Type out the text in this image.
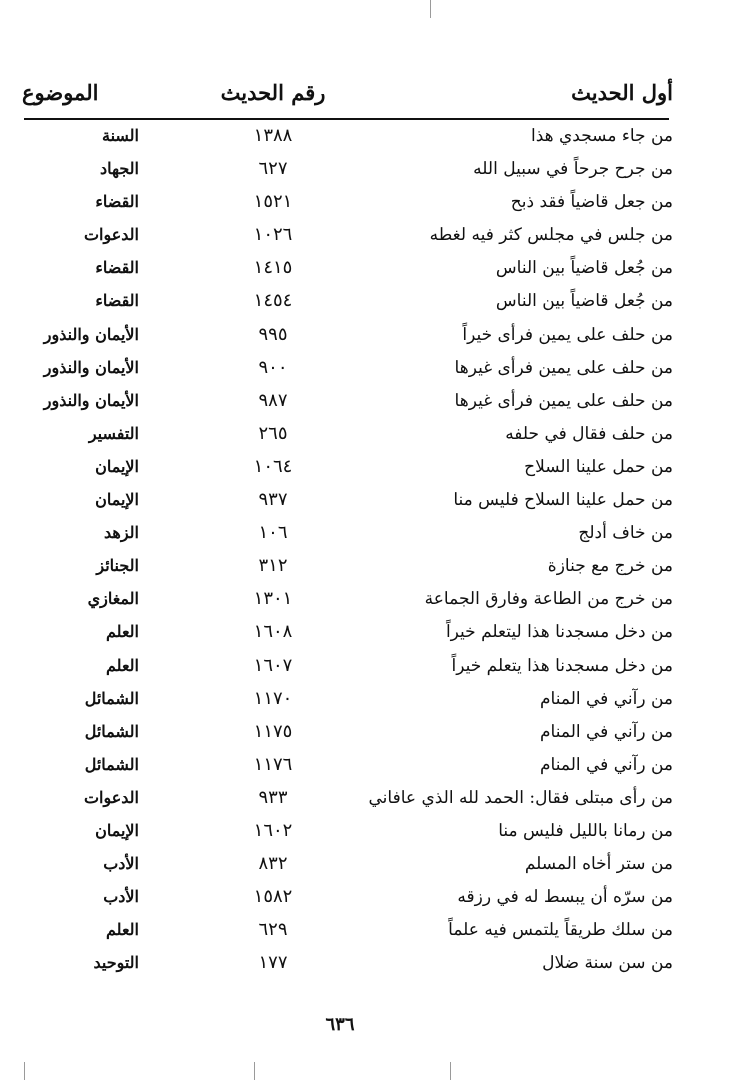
أول الحديث
رقم الحديث
الموضوع
من جاء مسجدي هذا
١٣٨٨
السنة
من جرح جرحاً في سبيل الله
٦٢٧
الجهاد
من جعل قاضياً فقد ذبح
١٥٢١
القضاء
من جلس في مجلس كثر فيه لغطه
١٠٢٦
الدعوات
من جُعل قاضياً بين الناس
١٤١٥
القضاء
من جُعل قاضياً بين الناس
١٤٥٤
القضاء
من حلف على يمين فرأى خيراً
٩٩٥
الأيمان والنذور
من حلف على يمين فرأى غيرها
٩٠٠
الأيمان والنذور
من حلف على يمين فرأى غيرها
٩٨٧
الأيمان والنذور
من حلف فقال في حلفه
٢٦٥
التفسير
من حمل علينا السلاح
١٠٦٤
الإيمان
من حمل علينا السلاح فليس منا
٩٣٧
الإيمان
من خاف أدلج
١٠٦
الزهد
من خرج مع جنازة
٣١٢
الجنائز
من خرج من الطاعة وفارق الجماعة
١٣٠١
المغازي
من دخل مسجدنا هذا ليتعلم خيراً
١٦٠٨
العلم
من دخل مسجدنا هذا يتعلم خيراً
١٦٠٧
العلم
من رآني في المنام
١١٧٠
الشمائل
من رآني في المنام
١١٧٥
الشمائل
من رآني في المنام
١١٧٦
الشمائل
من رأى مبتلى فقال: الحمد لله الذي عافاني
٩٣٣
الدعوات
من رمانا بالليل فليس منا
١٦٠٢
الإيمان
من ستر أخاه المسلم
٨٣٢
الأدب
من سرّه أن يبسط له في رزقه
١٥٨٢
الأدب
من سلك طريقاً يلتمس فيه علماً
٦٢٩
العلم
من سن سنة ضلال
١٧٧
التوحيد
٦٣٦
